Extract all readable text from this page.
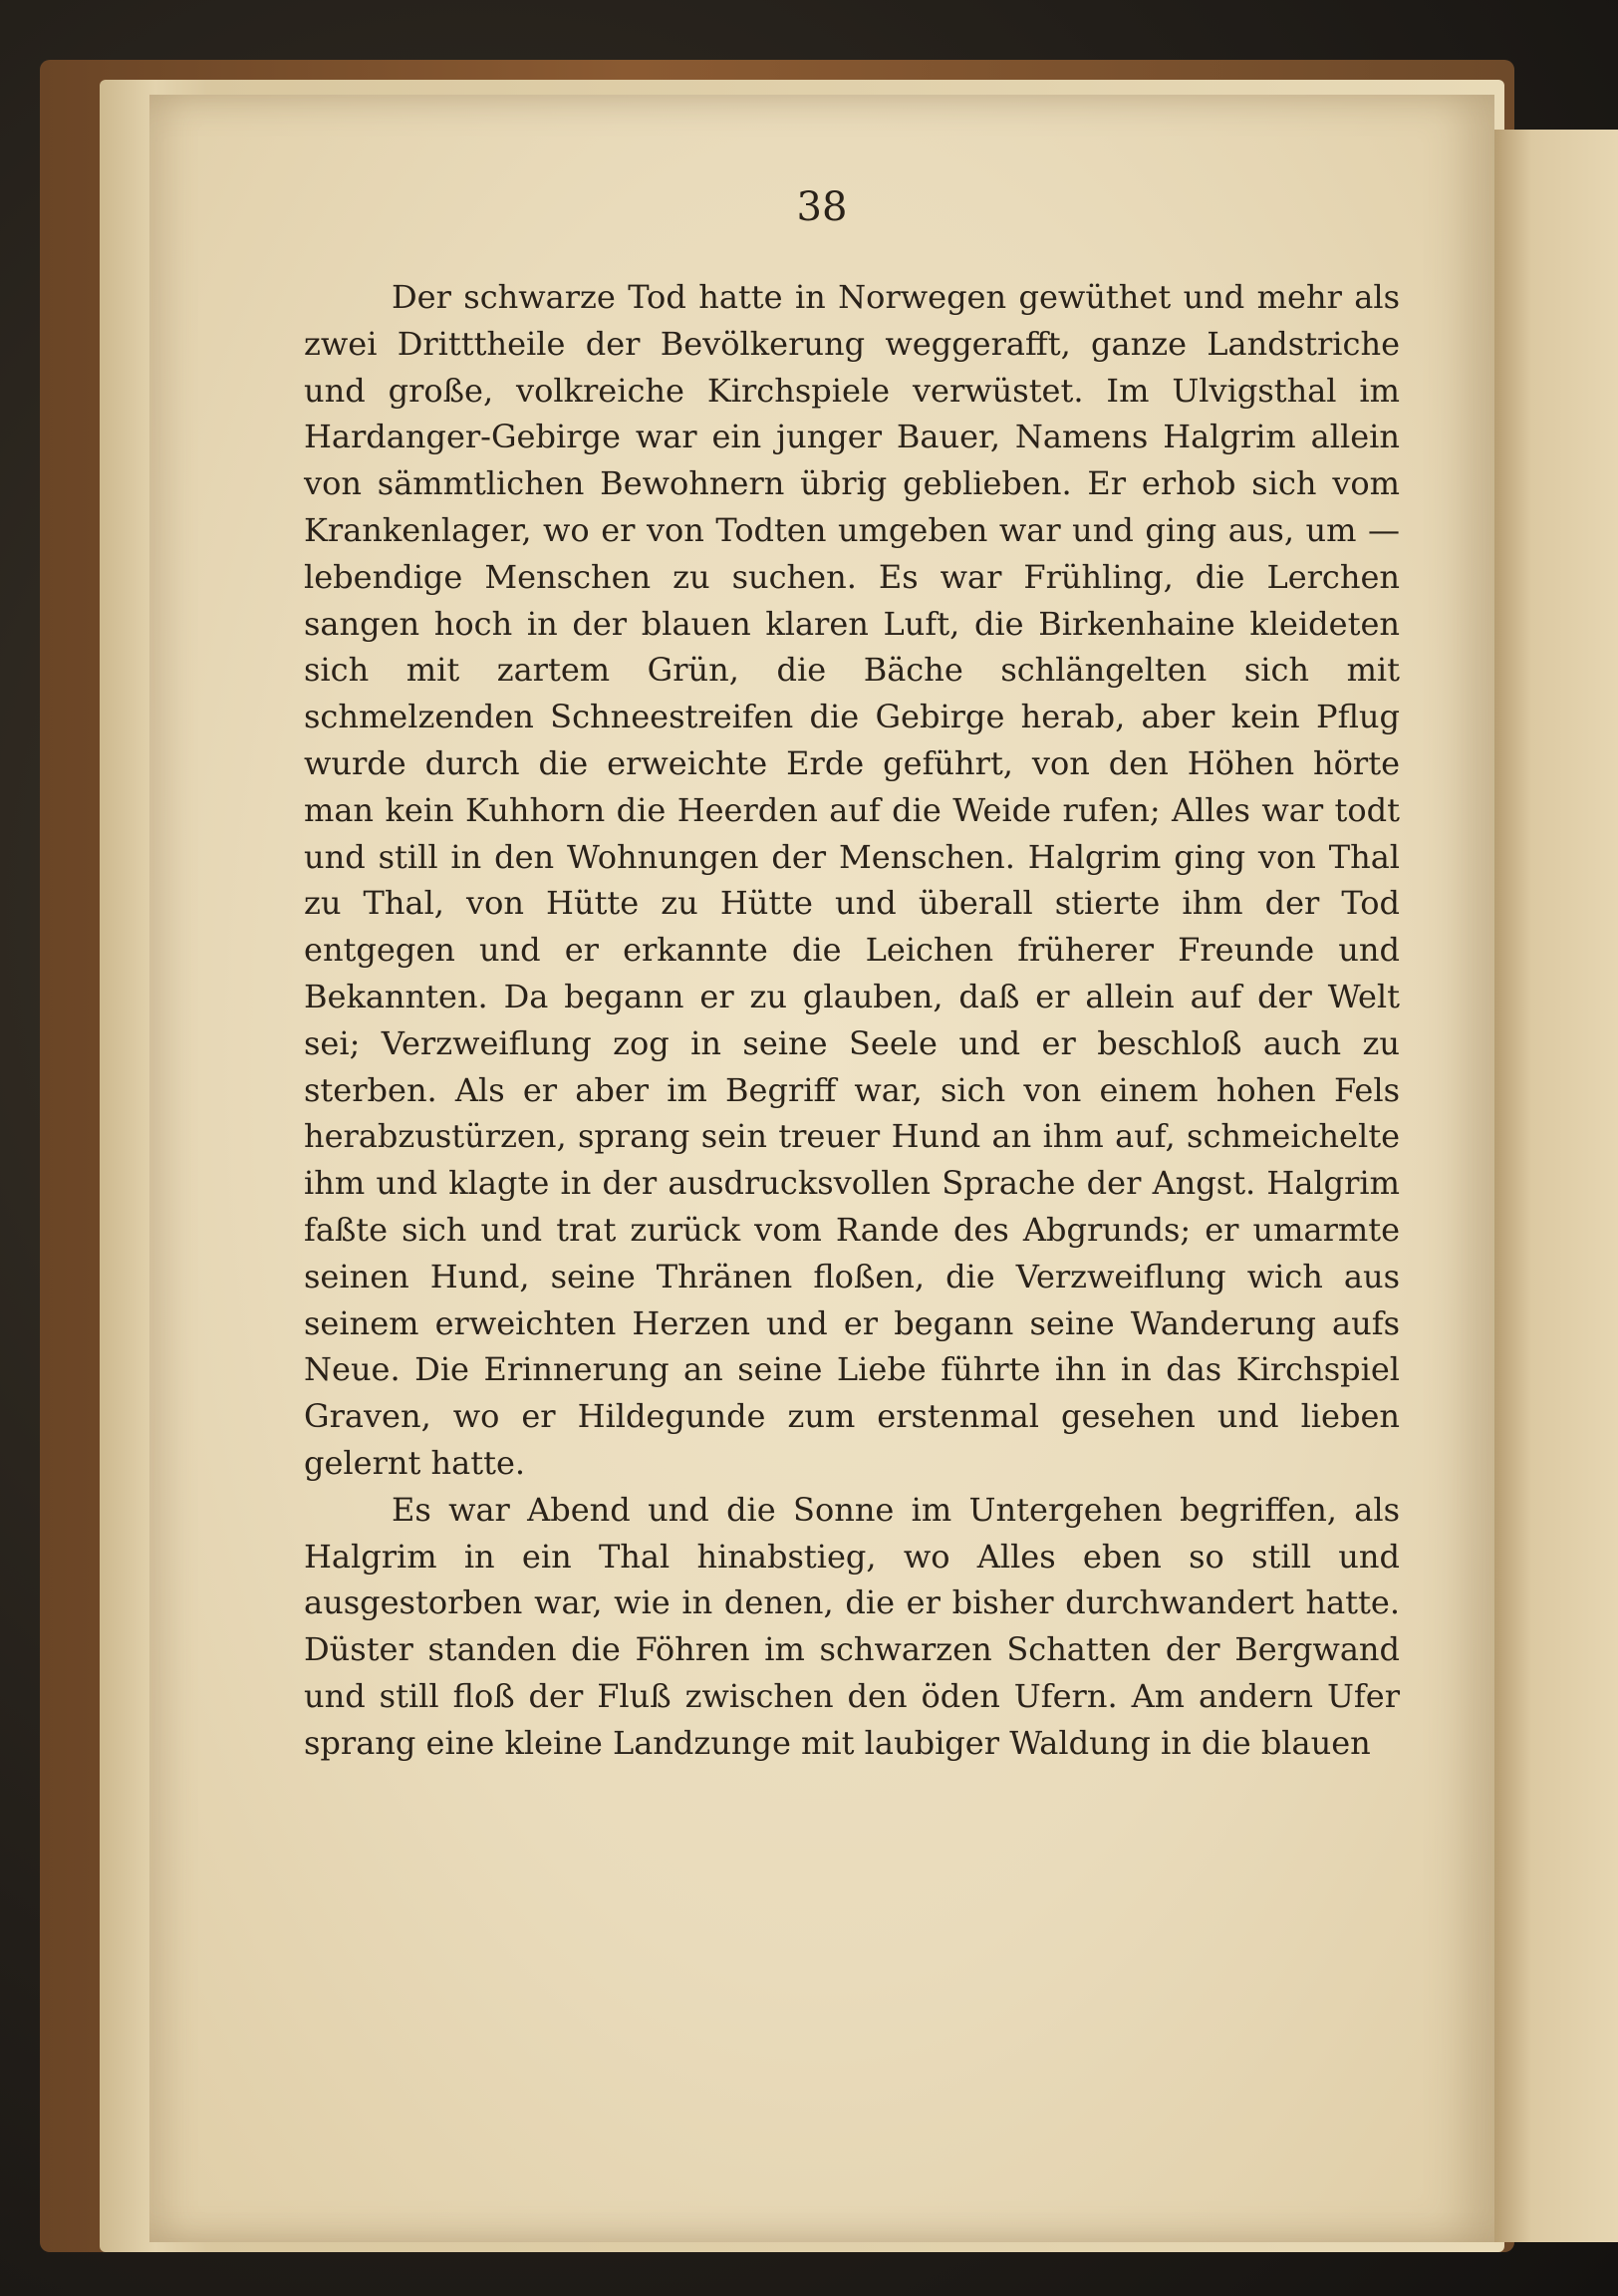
38

Der schwarze Tod hatte in Norwegen gewüthet und mehr als zwei Dritttheile der Bevölkerung weggerafft, ganze Landstriche und große, volkreiche Kirchspiele verwüstet. Im Ulvigsthal im Hardanger-Gebirge war ein junger Bauer, Namens Halgrim allein von sämmtlichen Bewohnern übrig geblieben. Er erhob sich vom Krankenlager, wo er von Todten umgeben war und ging aus, um — lebendige Menschen zu suchen. Es war Frühling, die Lerchen sangen hoch in der blauen klaren Luft, die Birkenhaine kleideten sich mit zartem Grün, die Bäche schlängelten sich mit schmelzenden Schneestreifen die Gebirge herab, aber kein Pflug wurde durch die erweichte Erde geführt, von den Höhen hörte man kein Kuhhorn die Heerden auf die Weide rufen; Alles war todt und still in den Wohnungen der Menschen. Halgrim ging von Thal zu Thal, von Hütte zu Hütte und überall stierte ihm der Tod entgegen und er erkannte die Leichen früherer Freunde und Bekannten. Da begann er zu glauben, daß er allein auf der Welt sei; Verzweiflung zog in seine Seele und er beschloß auch zu sterben. Als er aber im Begriff war, sich von einem hohen Fels herabzustürzen, sprang sein treuer Hund an ihm auf, schmeichelte ihm und klagte in der ausdrucksvollen Sprache der Angst. Halgrim faßte sich und trat zurück vom Rande des Abgrunds; er umarmte seinen Hund, seine Thränen floßen, die Verzweiflung wich aus seinem erweichten Herzen und er begann seine Wanderung aufs Neue. Die Erinnerung an seine Liebe führte ihn in das Kirchspiel Graven, wo er Hildegunde zum erstenmal gesehen und lieben gelernt hatte.

Es war Abend und die Sonne im Untergehen begriffen, als Halgrim in ein Thal hinabstieg, wo Alles eben so still und ausgestorben war, wie in denen, die er bisher durchwandert hatte. Düster standen die Föhren im schwarzen Schatten der Bergwand und still floß der Fluß zwischen den öden Ufern. Am andern Ufer sprang eine kleine Landzunge mit laubiger Waldung in die blauen
